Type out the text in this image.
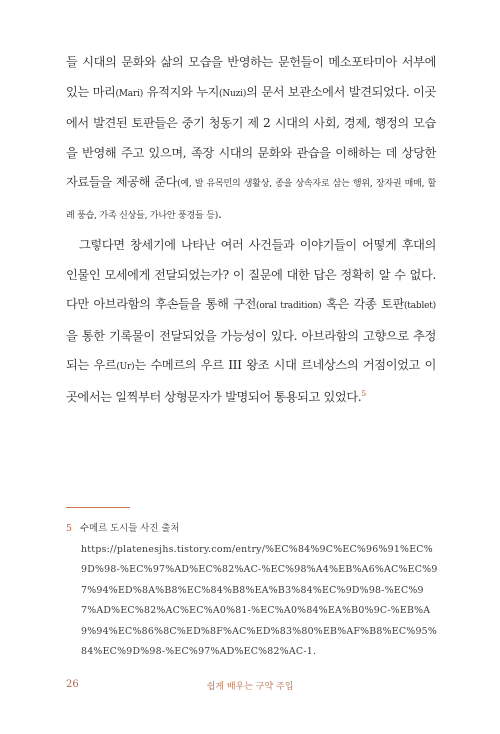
들 시대의 문화와 삶의 모습을 반영하는 문헌들이 메소포타미아 서부에 있는 마리(Mari) 유적지와 누지(Nuzi)의 문서 보관소에서 발견되었다. 이곳에서 발견된 토판들은 중기 청동기 제 2 시대의 사회, 경제, 행정의 모습을 반영해 주고 있으며, 족장 시대의 문화와 관습을 이해하는 데 상당한 자료들을 제공해 준다(예, 발 유목민의 생활상, 종을 상속자로 삼는 행위, 장자권 매매, 할례 풍습, 가족 신상들, 가나안 풍경들 등).

그렇다면 창세기에 나타난 여러 사건들과 이야기들이 어떻게 후대의 인물인 모세에게 전달되었는가? 이 질문에 대한 답은 정확히 알 수 없다. 다만 아브라함의 후손들을 통해 구전(oral tradition) 혹은 각종 토판(tablet)을 통한 기록물이 전달되었을 가능성이 있다. 아브라함의 고향으로 추정되는 우르(Ur)는 수메르의 우르 III 왕조 시대 르네상스의 거점이었고 이곳에서는 일찍부터 상형문자가 발명되어 통용되고 있었다.$^5$

5 수메르 도시들 사진 출처
https://platenesjhs.tistory.com/entry/%EC%84%9C%EC%96%91%EC%9D%98-%EC%97%AD%EC%82%AC-%EC%98%A4%EB%A6%AC%EC%97%94%ED%8A%B8%EC%84%B8%EA%B3%84%EC%9D%98-%EC%97%AD%EC%82%AC%EC%A0%81-%EC%A0%84%EA%B0%9C-%EB%A9%94%EC%86%8C%ED%8F%AC%ED%83%80%EB%AF%B8%EC%95%84%EC%9D%98-%EC%97%AD%EC%82%AC-1.
26	쉽게 배우는 구약 주입
